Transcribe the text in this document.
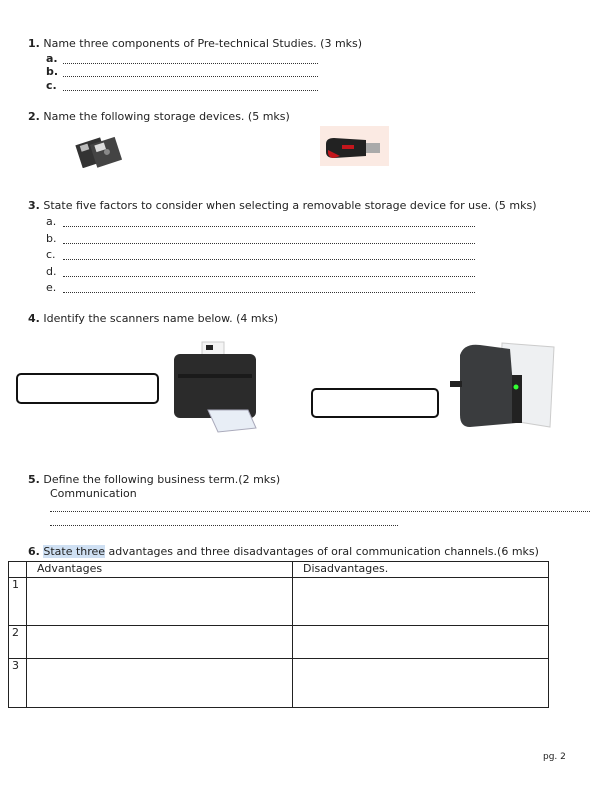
1. Name three components of Pre-technical Studies. (3 mks)
a.
b.
c.
2. Name the following storage devices. (5 mks)
3. State five factors to consider when selecting a removable storage device for use. (5 mks)
a.
b.
c.
d.
e.
4. Identify the scanners name below. (4 mks)
5. Define the following business term.(2 mks)
Communication
6. State three advantages and three disadvantages of oral communication channels.(6 mks)
	Advantages	Disadvantages.
1		
2		
3		
pg. 2
